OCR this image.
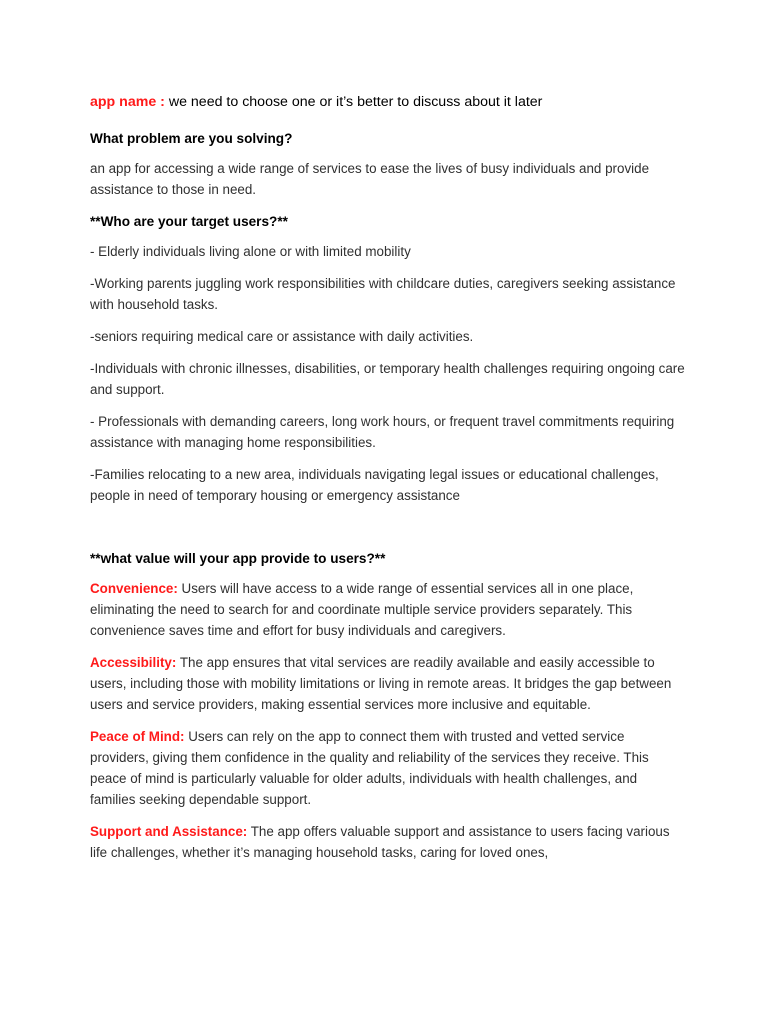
app name : we need to choose one or it’s better to discuss about it later

What problem are you solving?

an app for accessing a wide range of services to ease the lives of busy individuals and provide assistance to those in need.

**Who are your target users?**

- Elderly individuals living alone or with limited mobility

-Working parents juggling work responsibilities with childcare duties, caregivers seeking assistance with household tasks.

-seniors requiring medical care or assistance with daily activities.

-Individuals with chronic illnesses, disabilities, or temporary health challenges requiring ongoing care and support.

- Professionals with demanding careers, long work hours, or frequent travel commitments requiring assistance with managing home responsibilities.

-Families relocating to a new area, individuals navigating legal issues or educational challenges, people in need of temporary housing or emergency assistance

**what value will your app provide to users?**

Convenience: Users will have access to a wide range of essential services all in one place, eliminating the need to search for and coordinate multiple service providers separately. This convenience saves time and effort for busy individuals and caregivers.

Accessibility: The app ensures that vital services are readily available and easily accessible to users, including those with mobility limitations or living in remote areas. It bridges the gap between users and service providers, making essential services more inclusive and equitable.

Peace of Mind: Users can rely on the app to connect them with trusted and vetted service providers, giving them confidence in the quality and reliability of the services they receive. This peace of mind is particularly valuable for older adults, individuals with health challenges, and families seeking dependable support.

Support and Assistance: The app offers valuable support and assistance to users facing various life challenges, whether it’s managing household tasks, caring for loved ones,
